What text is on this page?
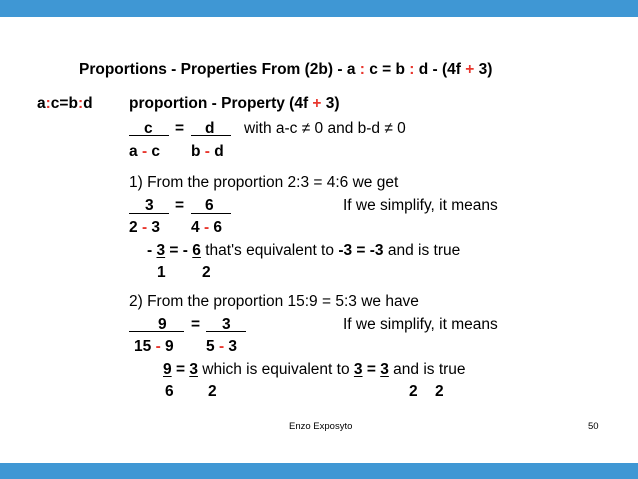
Proportions - Properties From (2b) - a : c = b : d - (4f + 3)
a:c=b:d proportion - Property (4f + 3)
c = d with a-c ≠ 0 and b-d ≠ 0
a - c b - d
1) From the proportion 2:3 = 4:6 we get
3 = 6	If we simplify, it means
2 - 3 4 - 6
- 3 = - 6 that's equivalent to -3 = -3 and is true
1 2
2) From the proportion 15:9 = 5:3 we have
9 = 3	If we simplify, it means
15 - 9 5 - 3
9 = 3 which is equivalent to 3 = 3 and is true
6 2	2 2
Enzo Exposyto	50
